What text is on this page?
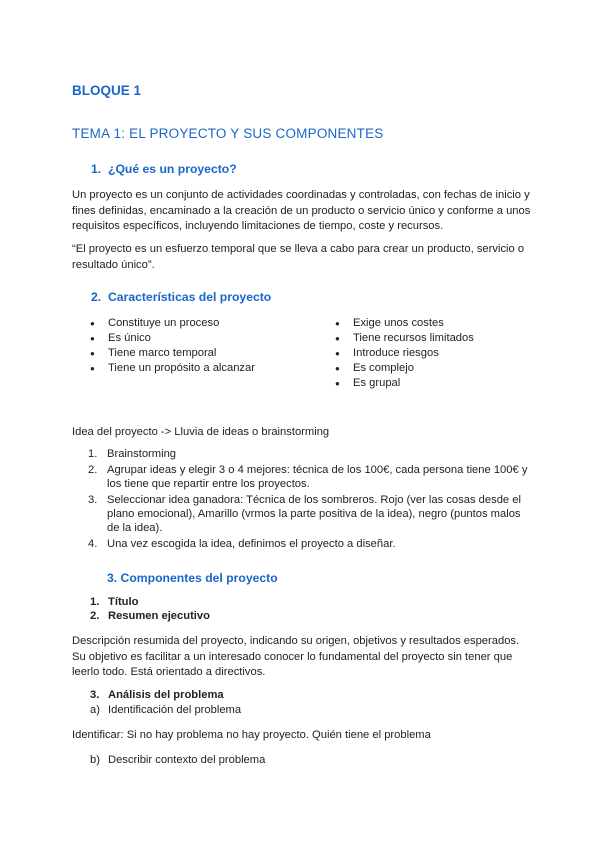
BLOQUE 1
TEMA 1: EL PROYECTO Y SUS COMPONENTES
1. ¿Qué es un proyecto?
Un proyecto es un conjunto de actividades coordinadas y controladas, con fechas de inicio y
fines definidas, encaminado a la creación de un producto o servicio único y conforme a unos
requisitos específicos, incluyendo limitaciones de tiempo, coste y recursos.
“El proyecto es un esfuerzo temporal que se lleva a cabo para crear un producto, servicio o
resultado único”.
2. Características del proyecto
● Constituye un proceso
● Es único
● Tiene marco temporal
● Tiene un propósito a alcanzar
● Exige unos costes
● Tiene recursos limitados
● Introduce riesgos
● Es complejo
● Es grupal
Idea del proyecto -> Lluvia de ideas o brainstorming
1. Brainstorming
2. Agrupar ideas y elegir 3 o 4 mejores: técnica de los 100€, cada persona tiene 100€ y
los tiene que repartir entre los proyectos.
3. Seleccionar idea ganadora: Técnica de los sombreros. Rojo (ver las cosas desde el
plano emocional), Amarillo (vrmos la parte positiva de la idea), negro (puntos malos
de la idea).
4. Una vez escogida la idea, definimos el proyecto a diseñar.
3. Componentes del proyecto
1. Título
2. Resumen ejecutivo
Descripción resumida del proyecto, indicando su origen, objetivos y resultados esperados.
Su objetivo es facilitar a un interesado conocer lo fundamental del proyecto sin tener que
leerlo todo. Está orientado a directivos.
3. Análisis del problema
a) Identificación del problema
Identificar: Si no hay problema no hay proyecto. Quién tiene el problema
b) Describir contexto del problema
